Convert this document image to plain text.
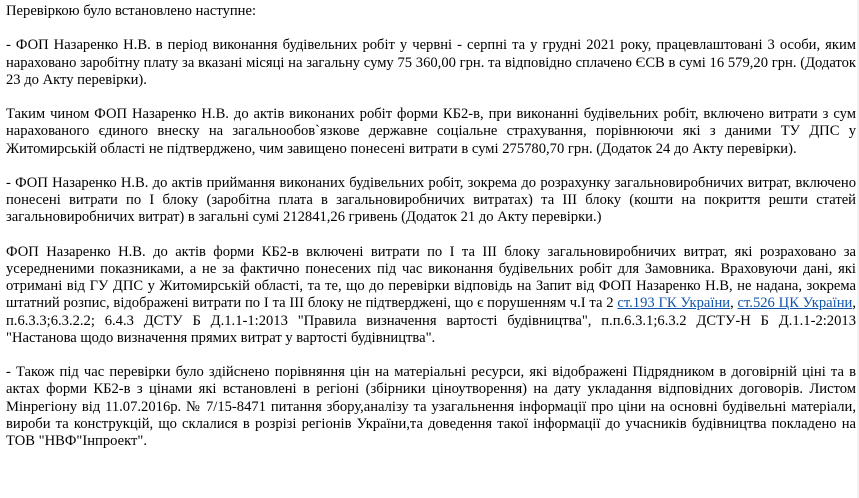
Перевіркою було встановлено наступне:

- ФОП Назаренко Н.В. в період виконання будівельних робіт у червні - серпні та у грудні 2021 року, працевлаштовані 3 особи, яким нараховано заробітну плату за вказані місяці на загальну суму 75 360,00 грн. та відповідно сплачено ЄСВ в сумі 16 579,20 грн. (Додаток 23 до Акту перевірки).

Таким чином ФОП Назаренко Н.В. до актів виконаних робіт форми КБ2-в, при виконанні будівельних робіт, включено витрати з сум нарахованого єдиного внеску на загальнообов`язкове державне соціальне страхування, порівнюючи які з даними ТУ ДПС у Житомирській області не підтверджено, чим завищено понесені витрати в сумі 275780,70 грн. (Додаток 24 до Акту перевірки).

- ФОП Назаренко Н.В. до актів приймання виконаних будівельних робіт, зокрема до розрахунку загальновиробничих витрат, включено понесені витрати по І блоку (заробітна плата в загальновиробничих витратах) та ІІІ блоку (кошти на покриття решти статей загальновиробничих витрат) в загальні сумі 212841,26 гривень (Додаток 21 до Акту перевірки.)

ФОП Назаренко Н.В. до актів форми КБ2-в включені витрати по І та ІІІ блоку загальновиробничих витрат, які розраховано за усередненими показниками, а не за фактично понесених під час виконання будівельних робіт для Замовника. Враховуючи дані, які отримані від ГУ ДПС у Житомирській області, та те, що до перевірки відповідь на Запит від ФОП Назаренко Н.В, не надана, зокрема штатний розпис, відображені витрати по І та ІІІ блоку не підтверджені, що є порушенням ч.І та 2 ст.193 ГК України, ст.526 ЦК України, п.6.3.3;6.3.2.2; 6.4.3 ДСТУ Б Д.1.1-1:2013 "Правила визначення вартості будівництва", п.п.6.3.1;6.3.2 ДСТУ-Н Б Д.1.1-2:2013 "Настанова щодо визначення прямих витрат у вартості будівництва".

- Також під час перевірки було здійснено порівняння цін на матеріальні ресурси, які відображені Підрядником в договірній ціні та в актах форми КБ2-в з цінами які встановлені в регіоні (збірники ціноутворення) на дату укладання відповідних договорів. Листом Мінрегіону від 11.07.2016р. № 7/15-8471 питання збору,аналізу та узагальнення інформації про ціни на основні будівельні матеріали, вироби та конструкцій, що склалися в розрізі регіонів України,та доведення такої інформації до учасників будівництва покладено на ТОВ "НВФ"Інпроект".
